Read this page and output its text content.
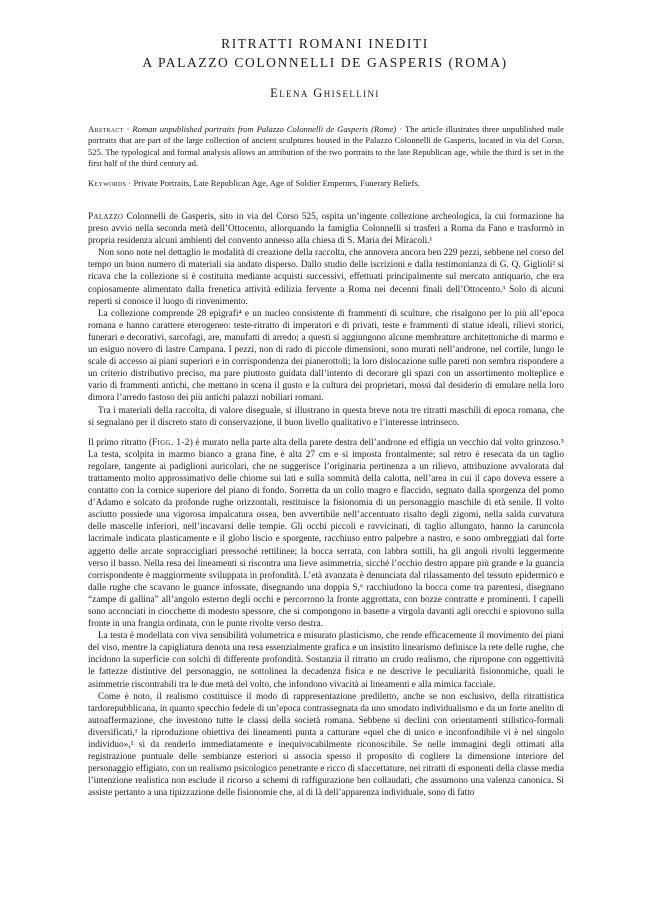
RITRATTI ROMANI INEDITI
A PALAZZO COLONNELLI DE GASPERIS (ROMA)
Elena Ghisellini

Abstract · Roman unpublished portraits from Palazzo Colonnelli de Gasperis (Rome) · The article illustrates three unpublished male portraits that are part of the large collection of ancient sculptures housed in the Palazzo Colonnelli de Gasperis, located in via del Corso, 525. The typological and formal analysis allows an attribution of the two portraits to the late Republican age, while the third is set in the first half of the third century ad.

Keywords · Private Portraits, Late Republican Age, Age of Soldier Emperors, Funerary Reliefs.

Palazzo Colonnelli de Gasperis, sito in via del Corso 525, ospita un’ingente collezione archeologica, la cui formazione ha preso avvio nella seconda metà dell’Ottocento, allorquando la famiglia Colonnelli si trasferì a Roma da Fano e trasformò in propria residenza alcuni ambienti del convento annesso alla chiesa di S. Maria dei Miracoli.¹

Non sono note nel dettaglio le modalità di creazione della raccolta, che annovera ancora ben 229 pezzi, sebbene nel corso del tempo un buon numero di materiali sia andato disperso. Dallo studio delle iscrizioni e dalla testimonianza di G. Q. Giglioli² si ricava che la collezione si è costituita mediante acquisti successivi, effettuati principalmente sul mercato antiquario, che era copiosamente alimentato dalla frenetica attività edilizia fervente a Roma nei decenni finali dell’Ottocento.³ Solo di alcuni reperti si conosce il luogo di rinvenimento.

La collezione comprende 28 epigrafi⁴ e un nucleo consistente di frammenti di sculture, che risalgono per lo più all’epoca romana e hanno carattere eterogeneo: teste-ritratto di imperatori e di privati, teste e frammenti di statue ideali, rilievi storici, funerari e decorativi, sarcofagi, are, manufatti di arredo; a questi si aggiungono alcune membrature architettoniche di marmo e un esiguo novero di lastre Campana. I pezzi, non di rado di piccole dimensioni, sono murati nell’androne, nel cortile, lungo le scale di accesso ai piani superiori e in corrispondenza dei pianerottoli; la loro dislocazione sulle pareti non sembra rispondere a un criterio distributivo preciso, ma pare piuttosto guidata dall’intento di decorare gli spazi con un assortimento molteplice e vario di frammenti antichi, che mettano in scena il gusto e la cultura dei proprietari, mossi dal desiderio di emulare nella loro dimora l’arredo fastoso dei più antichi palazzi nobiliari romani.

Tra i materiali della raccolta, di valore diseguale, si illustrano in questa breve nota tre ritratti maschili di epoca romana, che si segnalano per il discreto stato di conservazione, il buon livello qualitativo e l’interesse intrinseco.

Il primo ritratto (Figg. 1-2) è murato nella parte alta della parete destra dell’androne ed effigia un vecchio dal volto grinzoso.⁵ La testa, scolpita in marmo bianco a grana fine, è alta 27 cm e si imposta frontalmente; sul retro è resecata da un taglio regolare, tangente ai padiglioni auricolari, che ne suggerisce l’originaria pertinenza a un rilievo, attribuzione avvalorata dal trattamento molto approssimativo delle chiome sui lati e sulla sommità della calotta, nell’area in cui il capo doveva essere a contatto con la cornice superiore del piano di fondo. Sorretta da un collo magro e flaccido, segnato dalla sporgenza del pomo d’Adamo e solcato da profonde rughe orizzontali, restituisce la fisionomia di un personaggio maschile di età senile. Il volto asciutto possiede una vigorosa impalcatura ossea, ben avvertibile nell’accentuato risalto degli zigomi, nella salda curvatura delle mascelle inferiori, nell’incavarsi delle tempie. Gli occhi piccoli e ravvicinati, di taglio allungato, hanno la caruncola lacrimale indicata plasticamente e il globo liscio e sporgente, racchiuso entro palpebre a nastro, e sono ombreggiati dal forte aggetto delle arcate sopraccigliari pressoché rettilinee; la bocca serrata, con labbra sottili, ha gli angoli rivolti leggermente verso il basso. Nella resa dei lineamenti si riscontra una lieve asimmetria, sicché l’occhio destro appare più grande e la guancia corrispondente è maggiormente sviluppata in profondità. L’età avanzata è denunciata dal rilassamento del tessuto epidermico e dalle rughe che scavano le guance infossate, disegnando una doppia S,⁶ racchiudono la bocca come tra parentesi, disegnano “zampe di gallina” all’angolo esterno degli occhi e percorrono la fronte aggrottata, con bozze contratte e prominenti. I capelli sono acconciati in ciocchette di modesto spessore, che si compongono in basette a virgola davanti agli orecchi e spiovono sulla fronte in una frangia ordinata, con le punte rivolte verso destra.

La testa è modellata con viva sensibilità volumetrica e misurato plasticismo, che rende efficacemente il movimento dei piani del viso, mentre la capigliatura denota una resa essenzialmente grafica e un insistito linearismo definisce la rete delle rughe, che incidono la superficie con solchi di differente profondità. Sostanzia il ritratto un crudo realismo, che ripropone con oggettività le fattezze distintive del personaggio, ne sottolinea la decadenza fisica e ne descrive le peculiarità fisionomiche, quali le asimmetrie riscontrabili tra le due metà del volto, che infondono vivacità ai lineamenti e alla mimica facciale.

Come è noto, il realismo costituisce il modo di rappresentazione prediletto, anche se non esclusivo, della ritrattistica tardorepubblicana, in quanto specchio fedele di un’epoca contrassegnata da uno smodato individualismo e da un forte anelito di autoaffermazione, che investono tutte le classi della società romana. Sebbene si declini con orientamenti stilistico-formali diversificati,¹ la riproduzione obiettiva dei lineamenti punta a catturare «quel che di unico e inconfondibile vi è nel singolo individuo»,² sì da renderlo immediatamente e inequivocabilmente riconoscibile. Se nelle immagini degli ottimati alla registrazione puntuale delle sembianze esteriori si associa spesso il proposito di cogliere la dimensione interiore del personaggio effigiato, con un realismo psicologico penetrante e ricco di sfaccettature, nei ritratti di esponenti della classe media l’intenzione realistica non esclude il ricorso a schemi di raffigurazione ben collaudati, che assumono una valenza canonica. Si assiste pertanto a una tipizzazione delle fisionomie che, al di là dell’apparenza individuale, sono di fatto
